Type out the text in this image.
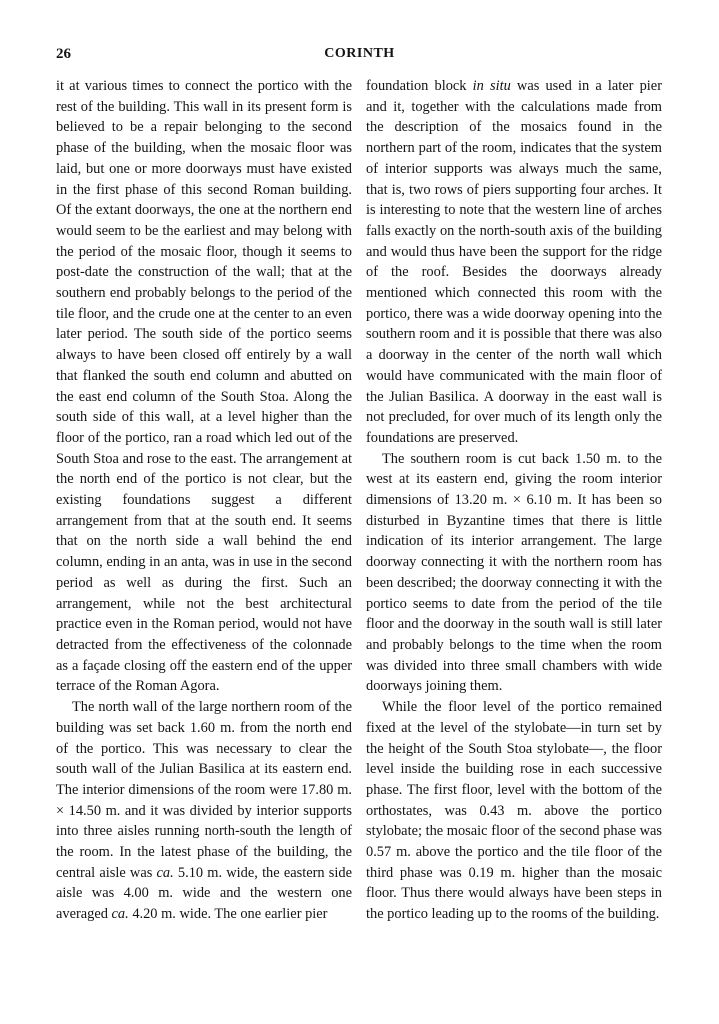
26	CORINTH

it at various times to connect the portico with the rest of the building. This wall in its present form is believed to be a repair belonging to the second phase of the building, when the mosaic floor was laid, but one or more doorways must have existed in the first phase of this second Roman building. Of the extant doorways, the one at the northern end would seem to be the earliest and may belong with the period of the mosaic floor, though it seems to post-date the construction of the wall; that at the southern end probably belongs to the period of the tile floor, and the crude one at the center to an even later period. The south side of the portico seems always to have been closed off entirely by a wall that flanked the south end column and abutted on the east end column of the South Stoa. Along the south side of this wall, at a level higher than the floor of the portico, ran a road which led out of the South Stoa and rose to the east. The arrangement at the north end of the portico is not clear, but the existing foundations suggest a different arrangement from that at the south end. It seems that on the north side a wall behind the end column, ending in an anta, was in use in the second period as well as during the first. Such an arrangement, while not the best architectural practice even in the Roman period, would not have detracted from the effectiveness of the colonnade as a façade closing off the eastern end of the upper terrace of the Roman Agora.

The north wall of the large northern room of the building was set back 1.60 m. from the north end of the portico. This was necessary to clear the south wall of the Julian Basilica at its eastern end. The interior dimensions of the room were 17.80 m. × 14.50 m. and it was divided by interior supports into three aisles running north-south the length of the room. In the latest phase of the building, the central aisle was ca. 5.10 m. wide, the eastern side aisle was 4.00 m. wide and the western one averaged ca. 4.20 m. wide. The one earlier pier

foundation block in situ was used in a later pier and it, together with the calculations made from the description of the mosaics found in the northern part of the room, indicates that the system of interior supports was always much the same, that is, two rows of piers supporting four arches. It is interesting to note that the western line of arches falls exactly on the north-south axis of the building and would thus have been the support for the ridge of the roof. Besides the doorways already mentioned which connected this room with the portico, there was a wide doorway opening into the southern room and it is possible that there was also a doorway in the center of the north wall which would have communicated with the main floor of the Julian Basilica. A doorway in the east wall is not precluded, for over much of its length only the foundations are preserved.

The southern room is cut back 1.50 m. to the west at its eastern end, giving the room interior dimensions of 13.20 m. × 6.10 m. It has been so disturbed in Byzantine times that there is little indication of its interior arrangement. The large doorway connecting it with the northern room has been described; the doorway connecting it with the portico seems to date from the period of the tile floor and the doorway in the south wall is still later and probably belongs to the time when the room was divided into three small chambers with wide doorways joining them.

While the floor level of the portico remained fixed at the level of the stylobate—in turn set by the height of the South Stoa stylobate—, the floor level inside the building rose in each successive phase. The first floor, level with the bottom of the orthostates, was 0.43 m. above the portico stylobate; the mosaic floor of the second phase was 0.57 m. above the portico and the tile floor of the third phase was 0.19 m. higher than the mosaic floor. Thus there would always have been steps in the portico leading up to the rooms of the building.
